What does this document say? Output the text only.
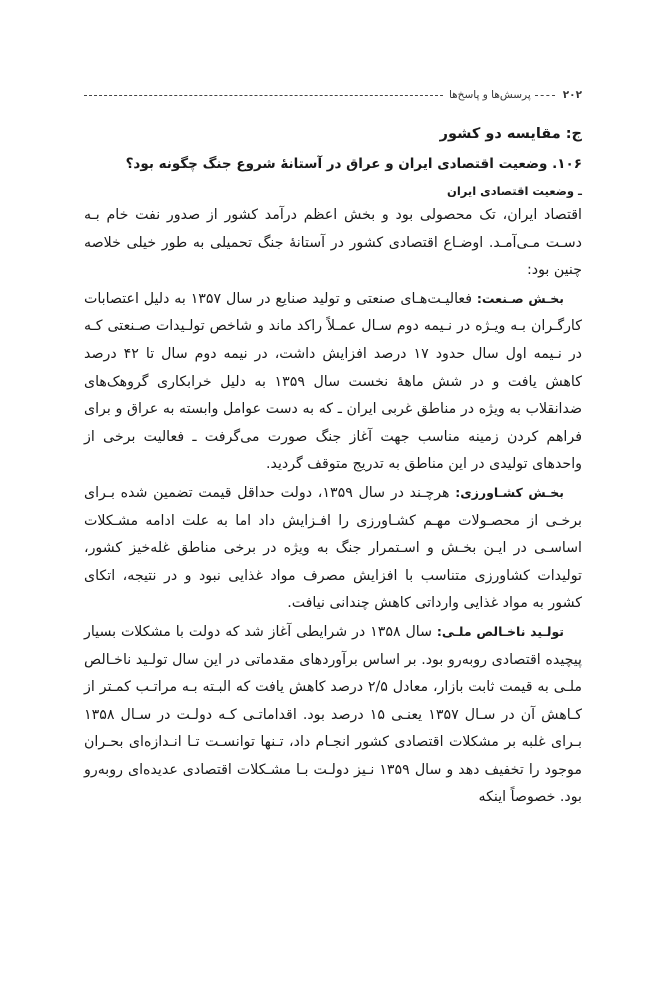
۲۰۲
پرسش‌ها و پاسخ‌ها
ج: مقایسه دو کشور
۱۰۶. وضعیت اقتصادی ایران و عراق در آستانهٔ شروع جنگ چگونه بود؟
ـ وضعیت اقتصادی ایران

اقتصاد ایران، تک محصولی بود و بخش اعظم درآمد کشور از صدور نفت خام بـه دسـت مـی‌آمـد. اوضـاع اقتصادی کشور در آستانهٔ جنگ تحمیلی به طور خیلی خلاصه چنین بود:

بخـش صـنعت: فعالیـت‌هـای صنعتی و تولید صنایع در سال ۱۳۵۷ به دلیل اعتصابات کارگـران بـه ویـژه در نـیمه دوم سـال عمـلاً راکد ماند و شاخص تولـیدات صـنعتی کـه در نـیمه اول سال حدود ۱۷ درصد افزایش داشت، در نیمه دوم سال تا ۴۲ درصد کاهش یافت و در شش ماههٔ نخست سال ۱۳۵۹ به دلیل خرابکاری گروهک‌های ضدانقلاب به ویژه در مناطق غربی ایران ـ که به دست عوامل وابسته به عراق و برای فراهم کردن زمینه مناسب جهت آغاز جنگ صورت می‌گرفت ـ فعالیت برخی از واحدهای تولیدی در این مناطق به تدریج متوقف گردید.

بخـش کشـاورزی: هرچـند در سال ۱۳۵۹، دولت حداقل قیمت تضمین شده بـرای برخـی از محصـولات مهـم کشـاورزی را افـزایش داد اما به علت ادامه مشـکلات اساسـی در ایـن بخـش و اسـتمرار جنگ به ویژه در برخی مناطق غله‌خیز کشور، تولیدات کشاورزی متناسب با افزایش مصرف مواد غذایی نبود و در نتیجه، اتکای کشور به مواد غذایی وارداتی کاهش چندانی نیافت.

تولـید ناخـالص ملـی: سال ۱۳۵۸ در شرایطی آغاز شد که دولت با مشکلات بسیار پیچیده اقتصادی روبه‌رو بود. بر اساس برآوردهای مقدماتی در این سال تولـید ناخـالص ملـی به قیمت ثابت بازار، معادل ۲/۵ درصد کاهش یافت که البـته بـه مراتـب کمـتر از کـاهش آن در سـال ۱۳۵۷ یعنـی ۱۵ درصد بود. اقداماتـی کـه دولـت در سـال ۱۳۵۸ بـرای غلبه بر مشکلات اقتصادی کشور انجـام داد، تـنها توانسـت تـا انـدازه‌ای بحـران موجود را تخفیف دهد و سال ۱۳۵۹ نـیز دولـت بـا مشـکلات اقتصادی عدیده‌ای روبه‌رو بود. خصوصاً اینکه
